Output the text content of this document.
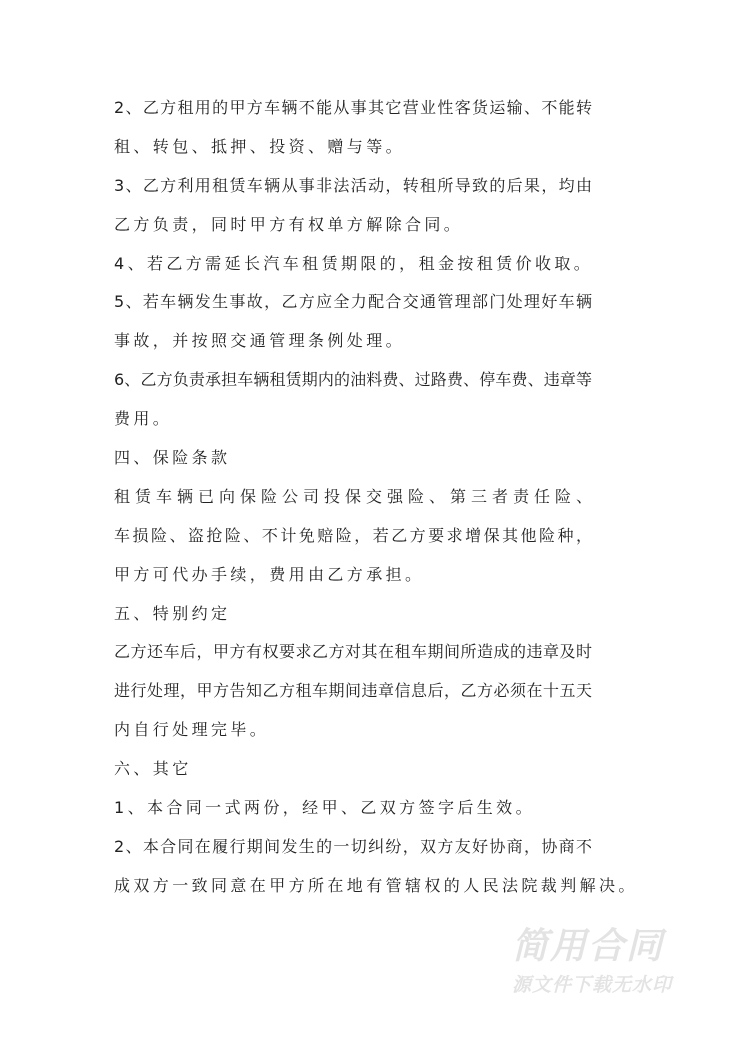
2、乙方租用的甲方车辆不能从事其它营业性客货运输、不能转
租、转包、抵押、投资、赠与等。
3、乙方利用租赁车辆从事非法活动，转租所导致的后果，均由
乙方负责，同时甲方有权单方解除合同。
4、若乙方需延长汽车租赁期限的，租金按租赁价收取。
5、若车辆发生事故，乙方应全力配合交通管理部门处理好车辆
事故，并按照交通管理条例处理。
6、乙方负责承担车辆租赁期内的油料费、过路费、停车费、违章等
费用。
四、保险条款
租赁车辆已向保险公司投保交强险、第三者责任险、
车损险、盗抢险、不计免赔险，若乙方要求增保其他险种，
甲方可代办手续，费用由乙方承担。
五、特别约定
乙方还车后，甲方有权要求乙方对其在租车期间所造成的违章及时
进行处理，甲方告知乙方租车期间违章信息后，乙方必须在十五天
内自行处理完毕。
六、其它
1、本合同一式两份，经甲、乙双方签字后生效。
2、本合同在履行期间发生的一切纠纷，双方友好协商，协商不
成双方一致同意在甲方所在地有管辖权的人民法院裁判解决。
简用合同
源文件下载无水印
